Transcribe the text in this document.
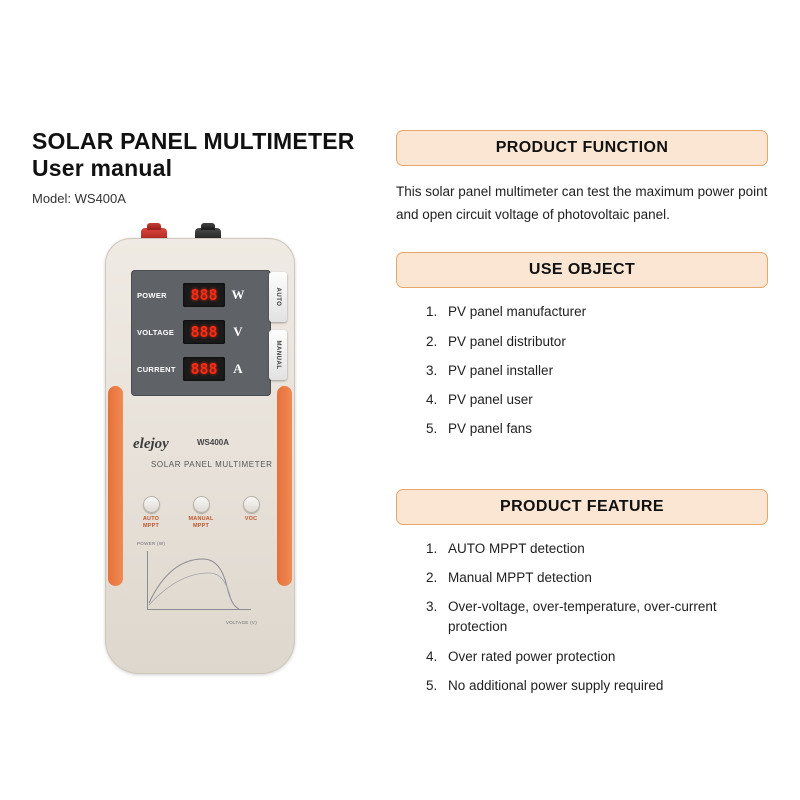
SOLAR PANEL MULTIMETER
User manual
Model: WS400A
POWER	888	W
VOLTAGE	888	V
CURRENT 888	A
AUTO
MANUAL
elejoy	WS400A
SOLAR PANEL MULTIMETER
AUTO
MPPT
MANUAL
MPPT
VOC
POWER (W)
VOLTAGE (V)
PRODUCT FUNCTION

This solar panel multimeter can test the maximum power point and open circuit voltage of photovoltaic panel.

USE OBJECT
PV panel manufacturer
PV panel distributor
PV panel installer
PV panel user
PV panel fans
PRODUCT FEATURE
AUTO MPPT detection
Manual MPPT detection
Over-voltage, over-temperature, over-current protection
Over rated power protection
No additional power supply required
